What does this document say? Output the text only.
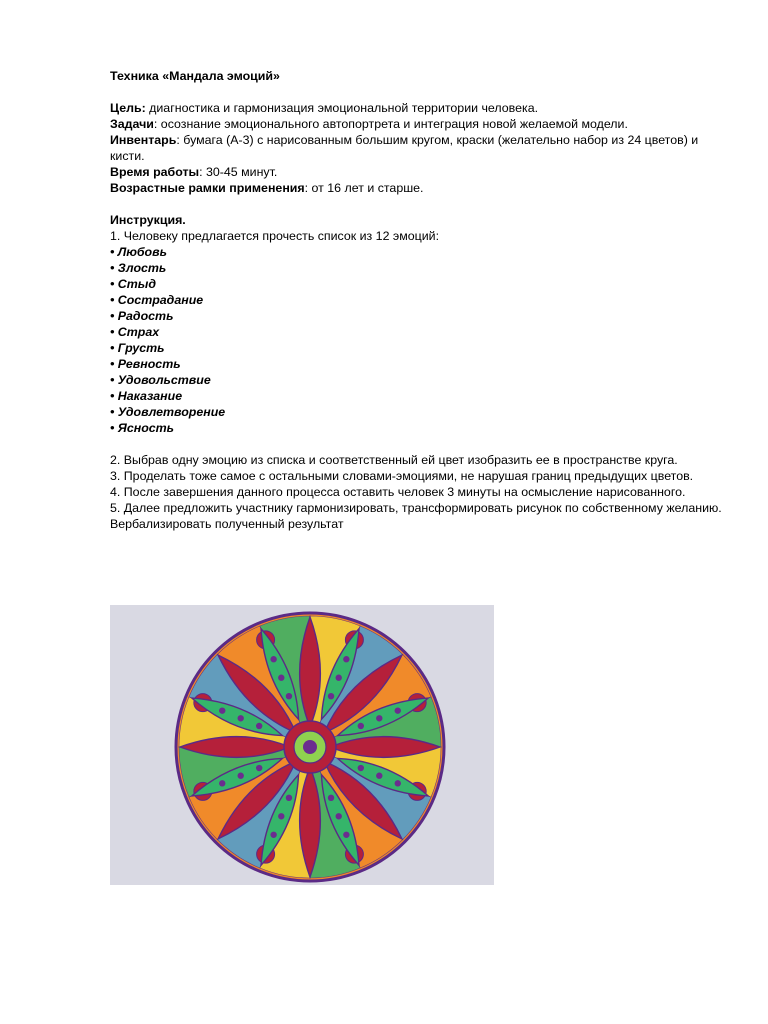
Техника «Мандала эмоций»

Цель: диагностика и гармонизация эмоциональной территории человека.

Задачи: осознание эмоционального автопортрета и интеграция новой желаемой модели.

Инвентарь: бумага (А-3) с нарисованным большим кругом, краски (желательно набор из 24 цветов) и кисти.

Время работы: 30-45 минут.

Возрастные рамки применения: от 16 лет и старше.

Инструкция.

1. Человеку предлагается прочесть список из 12 эмоций:

• Любовь

• Злость

• Стыд

• Сострадание

• Радость

• Страх

• Грусть

• Ревность

• Удовольствие

• Наказание

• Удовлетворение

• Ясность

2. Выбрав одну эмоцию из списка и соответственный ей цвет изобразить ее в пространстве круга.

3. Проделать тоже самое с остальными словами-эмоциями, не нарушая границ предыдущих цветов.

4. После завершения данного процесса оставить человек 3 минуты на осмысление нарисованного.

5. Далее предложить участнику гармонизировать, трансформировать рисунок по собственному желанию.

Вербализировать полученный результат
